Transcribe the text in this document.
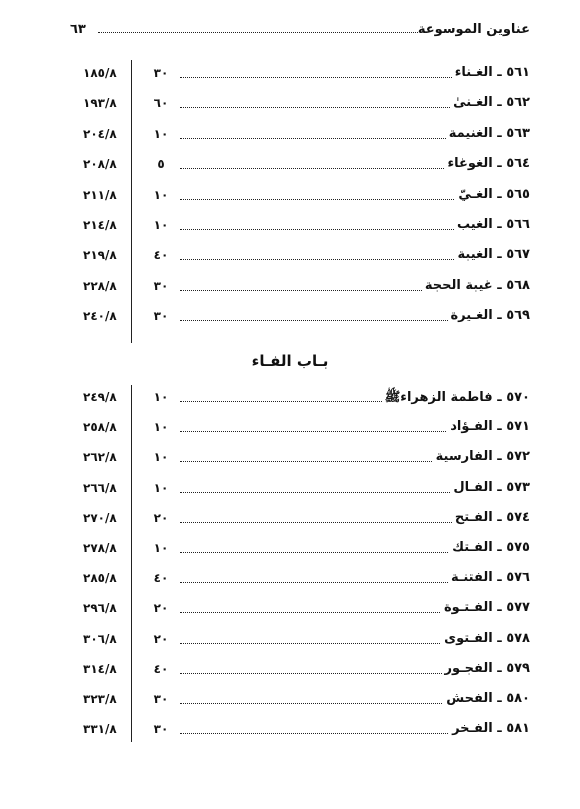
عناوين الموسوعة
٦٣
١٨٥/٨	٣٠	٥٦١ ـ الغـناء
١٩٣/٨	٦٠	٥٦٢ ـ الغـنىٰ
٢٠٤/٨	١٠	٥٦٣ ـ الغنيمة
٢٠٨/٨	٥	٥٦٤ ـ الغوغاء
٢١١/٨	١٠	٥٦٥ ـ الغـيّ
٢١٤/٨	١٠	٥٦٦ ـ الغيب
٢١٩/٨	٤٠	٥٦٧ ـ الغيبة
٢٢٨/٨	٣٠	٥٦٨ ـ غيبة الحجة
٢٤٠/٨	٣٠	٥٦٩ ـ الغـيرة
بـاب الفـاء
٢٤٩/٨	١٠	٥٧٠ ـ فاطمة الزهراءﷺ
٢٥٨/٨	١٠	٥٧١ ـ الفـؤاد
٢٦٢/٨	١٠	٥٧٢ ـ الفارسية
٢٦٦/٨	١٠	٥٧٣ ـ الفـال
٢٧٠/٨	٢٠	٥٧٤ ـ الفـتح
٢٧٨/٨	١٠	٥٧٥ ـ الفـتك
٢٨٥/٨	٤٠	٥٧٦ ـ الفتنـة
٢٩٦/٨	٢٠	٥٧٧ ـ الفـتـوة
٣٠٦/٨	٢٠	٥٧٨ ـ الفـتوى
٣١٤/٨	٤٠	٥٧٩ ـ الفجـور
٣٢٣/٨	٣٠	٥٨٠ ـ الفحش
٣٣١/٨	٣٠	٥٨١ ـ الفـخر
